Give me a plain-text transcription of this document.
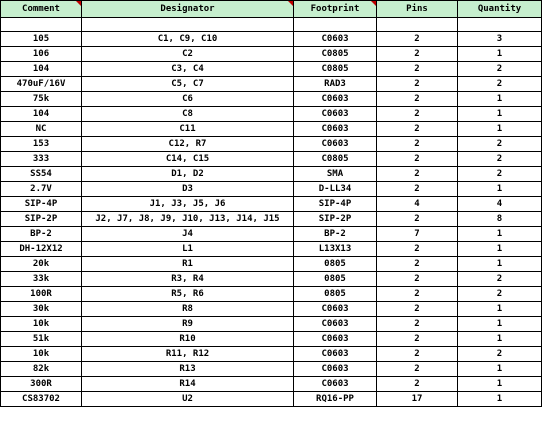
Comment	Designator	Footprint	Pins	Quantity

105	C1, C9, C10	C0603	2	3
106	C2	C0805	2	1
104	C3, C4	C0805	2	2
470uF/16V	C5, C7	RAD3	2	2
75k	C6	C0603	2	1
104	C8	C0603	2	1
NC	C11	C0603	2	1
153	C12, R7	C0603	2	2
333	C14, C15	C0805	2	2
SS54	D1, D2	SMA	2	2
2.7V	D3	D-LL34	2	1
SIP-4P	J1, J3, J5, J6	SIP-4P	4	4
SIP-2P	J2, J7, J8, J9, J10, J13, J14, J15	SIP-2P	2	8
BP-2	J4	BP-2	7	1
DH-12X12	L1	L13X13	2	1
20k	R1	0805	2	1
33k	R3, R4	0805	2	2
100R	R5, R6	0805	2	2
30k	R8	C0603	2	1
10k	R9	C0603	2	1
51k	R10	C0603	2	1
10k	R11, R12	C0603	2	2
82k	R13	C0603	2	1
300R	R14	C0603	2	1
CS83702	U2	RQ16-PP	17	1
